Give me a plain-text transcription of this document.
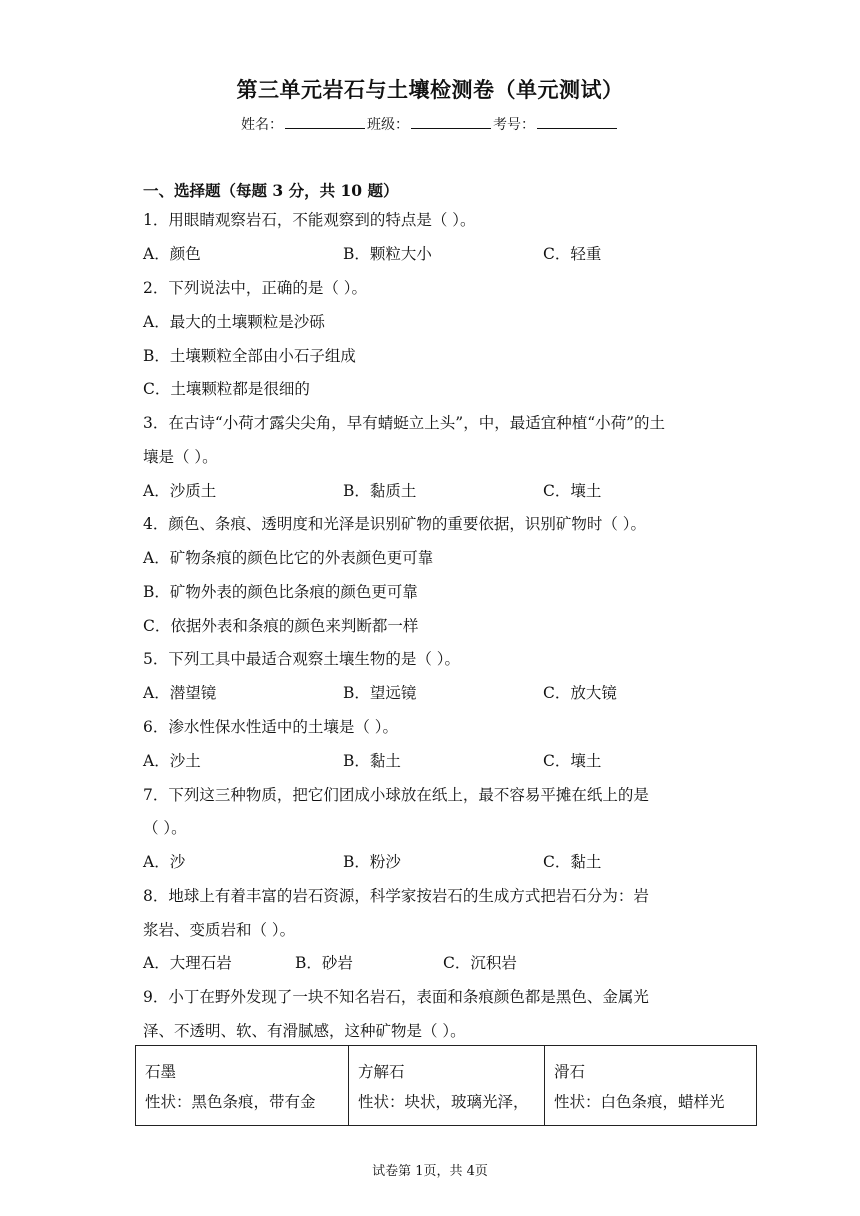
第三单元岩石与土壤检测卷（单元测试）
姓名：	班级：	考号：
一、选择题（每题 3 分，共 10 题）
1．用眼睛观察岩石，不能观察到的特点是（ ）。
A．颜色	B．颗粒大小	C．轻重
2．下列说法中，正确的是（ ）。
A．最大的土壤颗粒是沙砾
B．土壤颗粒全部由小石子组成
C．土壤颗粒都是很细的
3．在古诗“小荷才露尖尖角，早有蜻蜓立上头”，中，最适宜种植“小荷”的土
壤是（ ）。
A．沙质土	B．黏质土	C．壤土
4．颜色、条痕、透明度和光泽是识别矿物的重要依据，识别矿物时（ ）。
A．矿物条痕的颜色比它的外表颜色更可靠
B．矿物外表的颜色比条痕的颜色更可靠
C．依据外表和条痕的颜色来判断都一样
5．下列工具中最适合观察土壤生物的是（ ）。
A．潜望镜	B．望远镜	C．放大镜
6．渗水性保水性适中的土壤是（ ）。
A．沙土	B．黏土	C．壤土
7．下列这三种物质，把它们团成小球放在纸上，最不容易平摊在纸上的是
（ ）。
A．沙	B．粉沙	C．黏土
8．地球上有着丰富的岩石资源，科学家按岩石的生成方式把岩石分为：岩
浆岩、变质岩和（ ）。
A．大理石岩	B．砂岩	C．沉积岩
9．小丁在野外发现了一块不知名岩石，表面和条痕颜色都是黑色、金属光
泽、不透明、软、有滑腻感，这种矿物是（ ）。
石墨
性状：黑色条痕，带有金

方解石
性状：块状，玻璃光泽，

滑石
性状：白色条痕，蜡样光
试卷第 1页，共 4页
